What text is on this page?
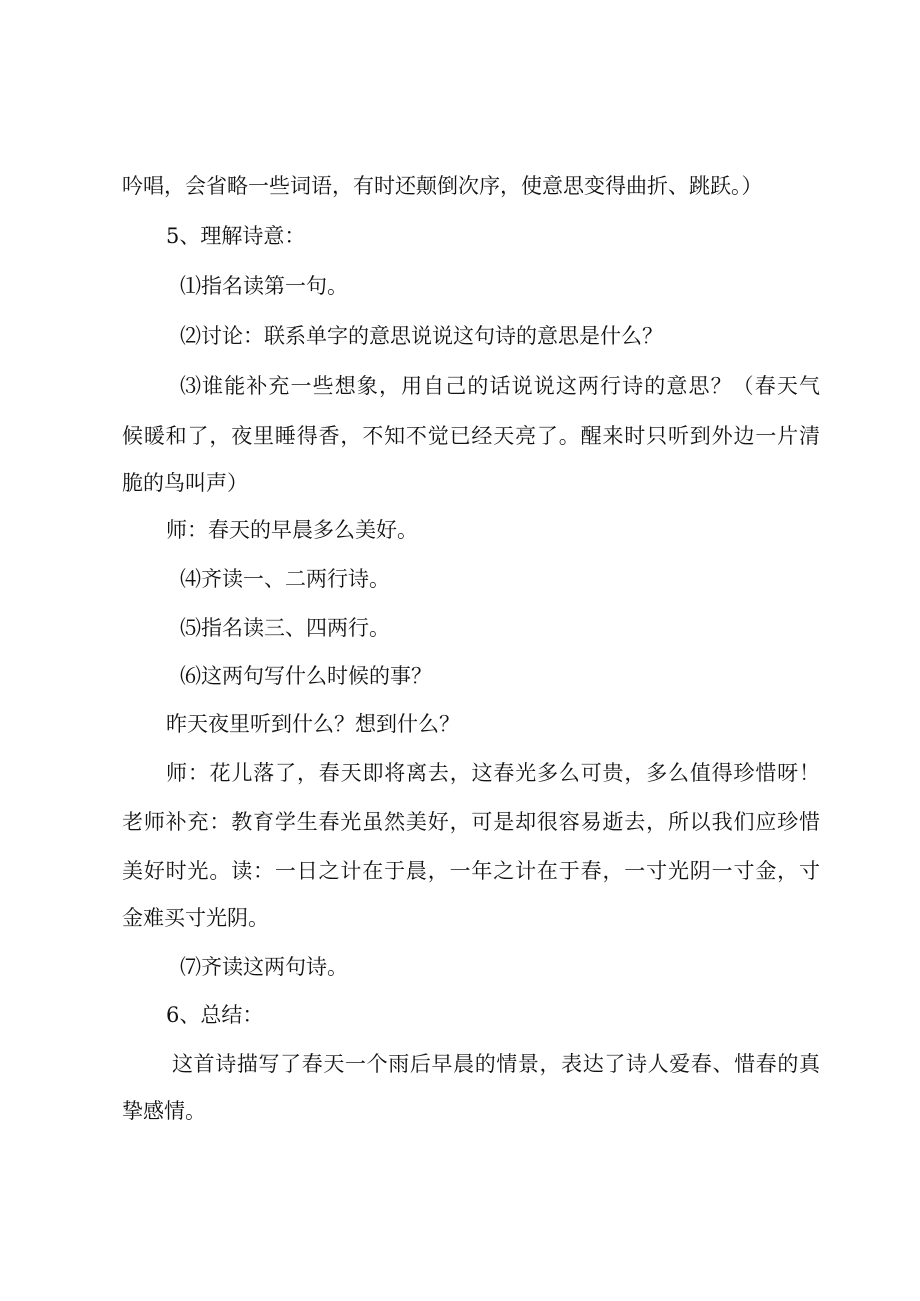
吟唱，会省略一些词语，有时还颠倒次序，使意思变得曲折、跳跃。）
5、理解诗意：
⑴指名读第一句。
⑵讨论：联系单字的意思说说这句诗的意思是什么？
⑶谁能补充一些想象，用自己的话说说这两行诗的意思？（春天气
候暖和了，夜里睡得香，不知不觉已经天亮了。醒来时只听到外边一片清
脆的鸟叫声）
师：春天的早晨多么美好。
⑷齐读一、二两行诗。
⑸指名读三、四两行。
⑹这两句写什么时候的事？
昨天夜里听到什么？想到什么？
师：花儿落了，春天即将离去，这春光多么可贵，多么值得珍惜呀！
老师补充：教育学生春光虽然美好，可是却很容易逝去，所以我们应珍惜
美好时光。读：一日之计在于晨，一年之计在于春，一寸光阴一寸金，寸
金难买寸光阴。
⑺齐读这两句诗。
6、总结：
这首诗描写了春天一个雨后早晨的情景，表达了诗人爱春、惜春的真
挚感情。
